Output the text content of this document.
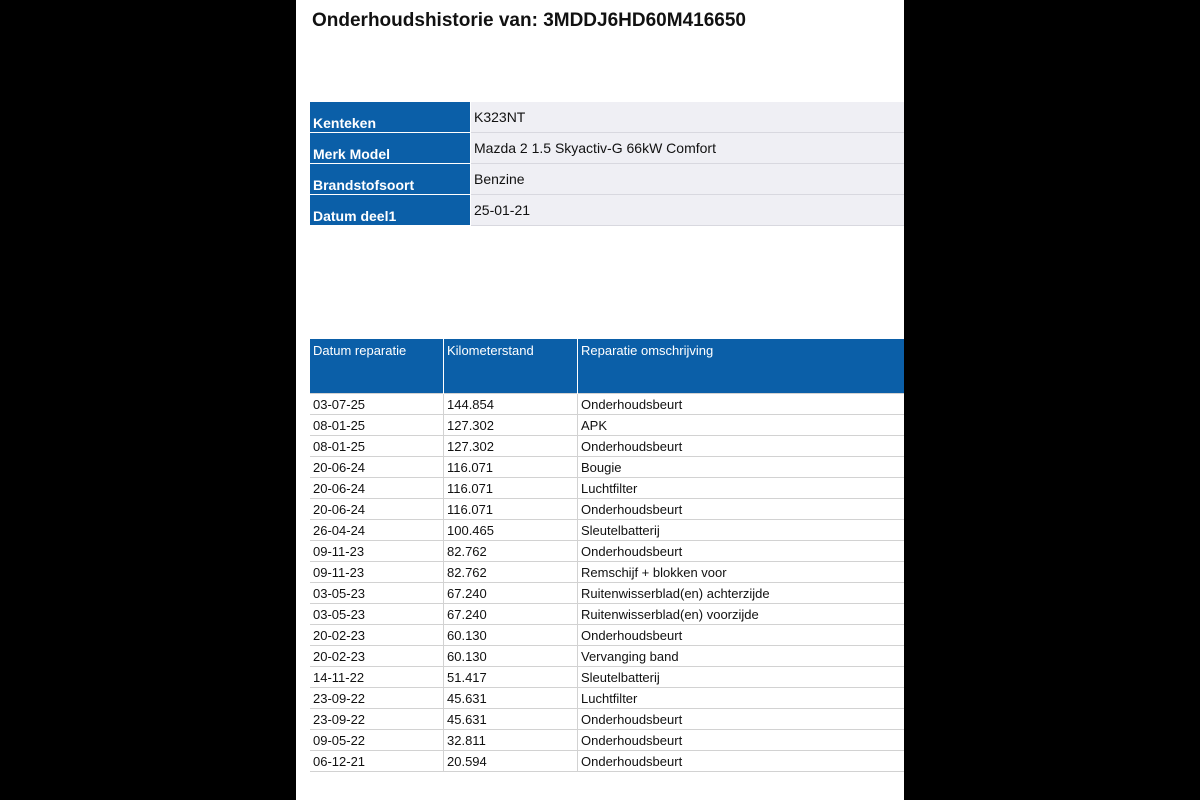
Onderhoudshistorie van: 3MDDJ6HD60M416650
Kenteken	K323NT
Merk Model	Mazda 2 1.5 Skyactiv-G 66kW Comfort
Brandstofsoort	Benzine
Datum deel1	25-01-21
Datum reparatie	Kilometerstand	Reparatie omschrijving
03-07-25	144.854	Onderhoudsbeurt
08-01-25	127.302	APK
08-01-25	127.302	Onderhoudsbeurt
20-06-24	116.071	Bougie
20-06-24	116.071	Luchtfilter
20-06-24	116.071	Onderhoudsbeurt
26-04-24	100.465	Sleutelbatterij
09-11-23	82.762	Onderhoudsbeurt
09-11-23	82.762	Remschijf + blokken voor
03-05-23	67.240	Ruitenwisserblad(en) achterzijde
03-05-23	67.240	Ruitenwisserblad(en) voorzijde
20-02-23	60.130	Onderhoudsbeurt
20-02-23	60.130	Vervanging band
14-11-22	51.417	Sleutelbatterij
23-09-22	45.631	Luchtfilter
23-09-22	45.631	Onderhoudsbeurt
09-05-22	32.811	Onderhoudsbeurt
06-12-21	20.594	Onderhoudsbeurt
